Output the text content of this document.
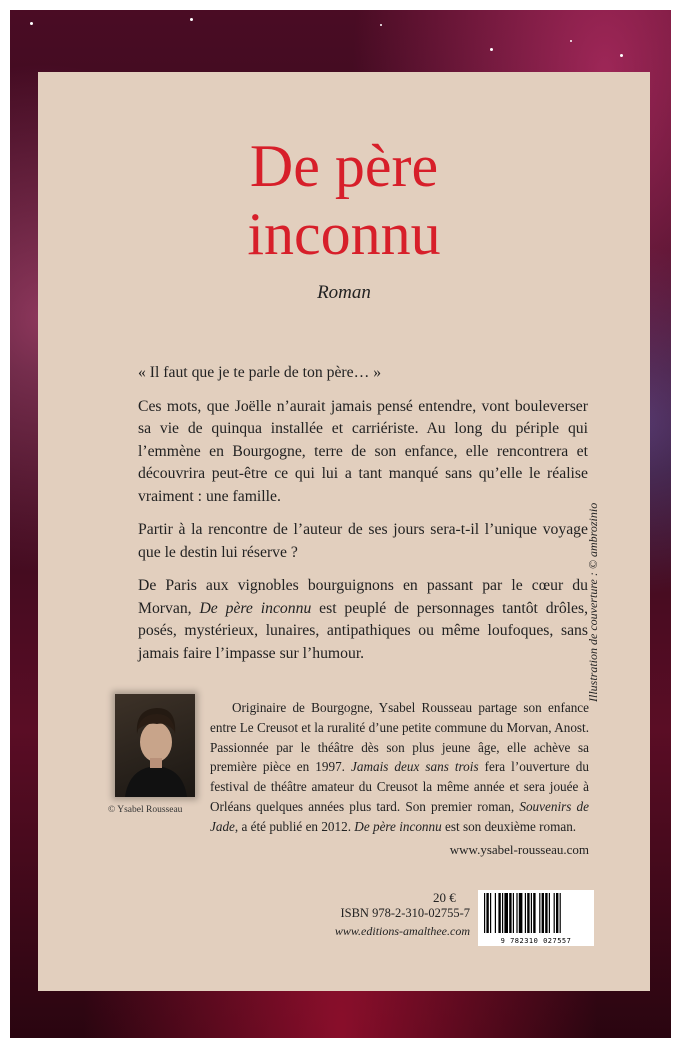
De père
inconnu
Roman
« Il faut que je te parle de ton père… »

Ces mots, que Joëlle n’aurait jamais pensé entendre, vont bouleverser sa vie de quinqua installée et carriériste. Au long du périple qui l’emmène en Bourgogne, terre de son enfance, elle rencontrera et découvrira peut-être ce qui lui a tant manqué sans qu’elle le réalise vraiment : une famille.

Partir à la rencontre de l’auteur de ses jours sera-t-il l’unique voyage que le destin lui réserve ?

De Paris aux vignobles bourguignons en passant par le cœur du Morvan, De père inconnu est peuplé de personnages tantôt drôles, posés, mystérieux, lunaires, antipathiques ou même loufoques, sans jamais faire l’impasse sur l’humour.

© Ysabel Rousseau
Originaire de Bourgogne, Ysabel Rousseau partage son enfance entre Le Creusot et la ruralité d’une petite commune du Morvan, Anost. Passionnée par le théâtre dès son plus jeune âge, elle achève sa première pièce en 1997. Jamais deux sans trois fera l’ouverture du festival de théâtre amateur du Creusot la même année et sera jouée à Orléans quelques années plus tard. Son premier roman, Souvenirs de Jade, a été publié en 2012. De père inconnu est son deuxième roman.
www.ysabel-rousseau.com
20 €
ISBN 978-2-310-02755-7
www.editions-amalthee.com
9 782310 027557
Illustration de couverture : © ambrozinio
